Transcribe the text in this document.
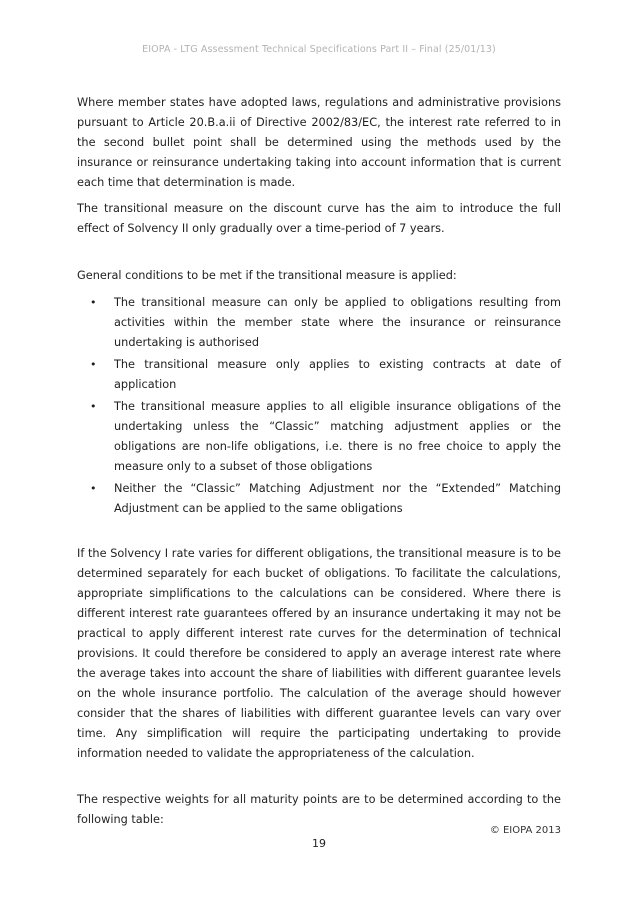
EIOPA - LTG Assessment Technical Specifications Part II – Final (25/01/13)

Where member states have adopted laws, regulations and administrative provisions pursuant to Article 20.B.a.ii of Directive 2002/83/EC, the interest rate referred to in the second bullet point shall be determined using the methods used by the insurance or reinsurance undertaking taking into account information that is current each time that determination is made.

The transitional measure on the discount curve has the aim to introduce the full effect of Solvency II only gradually over a time-period of 7 years.

General conditions to be met if the transitional measure is applied:

• The transitional measure can only be applied to obligations resulting from activities within the member state where the insurance or reinsurance undertaking is authorised
• The transitional measure only applies to existing contracts at date of application
• The transitional measure applies to all eligible insurance obligations of the undertaking unless the “Classic” matching adjustment applies or the obligations are non-life obligations, i.e. there is no free choice to apply the measure only to a subset of those obligations
• Neither the “Classic” Matching Adjustment nor the “Extended” Matching Adjustment can be applied to the same obligations

If the Solvency I rate varies for different obligations, the transitional measure is to be determined separately for each bucket of obligations. To facilitate the calculations, appropriate simplifications to the calculations can be considered. Where there is different interest rate guarantees offered by an insurance undertaking it may not be practical to apply different interest rate curves for the determination of technical provisions. It could therefore be considered to apply an average interest rate where the average takes into account the share of liabilities with different guarantee levels on the whole insurance portfolio. The calculation of the average should however consider that the shares of liabilities with different guarantee levels can vary over time. Any simplification will require the participating undertaking to provide information needed to validate the appropriateness of the calculation.

The respective weights for all maturity points are to be determined according to the following table:

© EIOPA 2013
19
